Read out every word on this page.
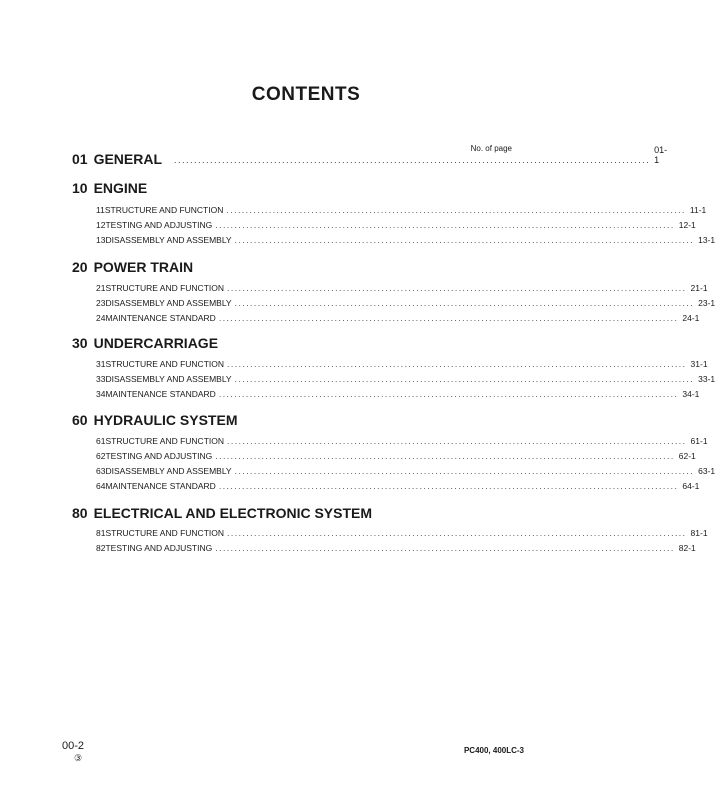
CONTENTS
No. of page
01 GENERAL	.......................................................................................................................
01-1
10 ENGINE
11 STRUCTURE AND FUNCTION ....................................................................................................................... 11-1
12 TESTING AND ADJUSTING ....................................................................................................................... 12-1
13 DISASSEMBLY AND ASSEMBLY ....................................................................................................................... 13-1
20 POWER TRAIN
21 STRUCTURE AND FUNCTION ....................................................................................................................... 21-1
23 DISASSEMBLY AND ASSEMBLY ....................................................................................................................... 23-1
24 MAINTENANCE STANDARD ....................................................................................................................... 24-1
30 UNDERCARRIAGE
31 STRUCTURE AND FUNCTION ....................................................................................................................... 31-1
33 DISASSEMBLY AND ASSEMBLY ....................................................................................................................... 33-1
34 MAINTENANCE STANDARD ....................................................................................................................... 34-1
60 HYDRAULIC SYSTEM
61 STRUCTURE AND FUNCTION ....................................................................................................................... 61-1
62 TESTING AND ADJUSTING ....................................................................................................................... 62-1
63 DISASSEMBLY AND ASSEMBLY ....................................................................................................................... 63-1
64 MAINTENANCE STANDARD ....................................................................................................................... 64-1
80 ELECTRICAL AND ELECTRONIC SYSTEM
81 STRUCTURE AND FUNCTION ....................................................................................................................... 81-1
82 TESTING AND ADJUSTING ....................................................................................................................... 82-1
00-2
③
PC400, 400LC-3
